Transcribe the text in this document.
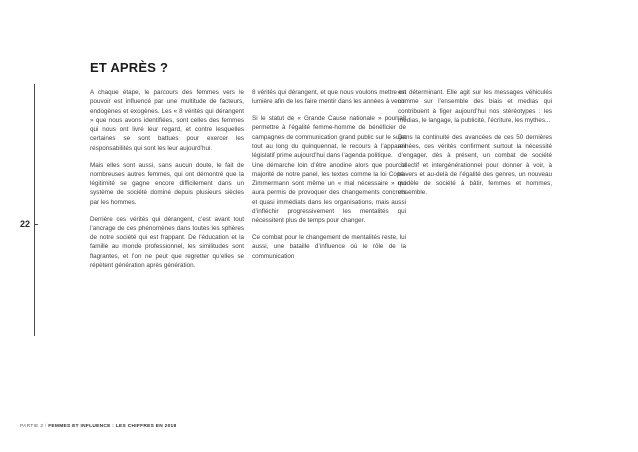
ET APRÈS ?

A chaque étape, le parcours des femmes vers le pouvoir est influencé par une multitude de facteurs, endogènes et exogènes. Les « 8 vérités qui dérangent » que nous avons identifiées, sont celles des femmes qui nous ont livré leur regard, et contre lesquelles certaines se sont battues pour exercer les responsabilités qui sont les leur aujourd’hui.

Mais elles sont aussi, sans aucun doute, le fait de nombreuses autres femmes, qui ont démontré que la légitimité se gagne encore difficilement dans un système de société dominé depuis plusieurs siècles par les hommes.

Derrière ces vérités qui dérangent, c’est avant tout l’ancrage de ces phénomènes dans toutes les sphères de notre société qui est frappant. De l’éducation et la famille au monde professionnel, les similitudes sont flagrantes, et l’on ne peut que regretter qu’elles se répètent génération après génération.

8 vérités qui dérangent, et que nous voulons mettre en lumière afin de les faire mentir dans les années à venir.

Si le statut de « Grande Cause nationale » pourrait permettre à l’égalité femme-homme de bénéficier de campagnes de communication grand public sur le sujet tout au long du quinquennat, le recours à l’appareil législatif prime aujourd’hui dans l’agenda politique.
Une démarche loin d’être anodine alors que pour la majorité de notre panel, les textes comme la loi Copé-Zimmermann sont même un « mal nécessaire » qui aura permis de provoquer des changements concrets et quasi immédiats dans les organisations, mais aussi d’infléchir progressivement les mentalités qui nécessitent plus de temps pour changer.

Ce combat pour le changement de mentalités reste, lui aussi, une bataille d’influence où le rôle de la communication

est déterminant. Elle agit sur les messages véhiculés comme sur l’ensemble des biais et medias qui contribuent à figer aujourd’hui nos stéréotypes : les médias, le langage, la publicité, l’écriture, les mythes...

Dans la continuité des avancées de ces 50 dernières années, ces vérités confirment surtout la nécessité d’engager, dès à présent, un combat de société collectif et intergénérationnel pour donner à voir, à travers et au-delà de l’égalité des genres, un nouveau modèle de société à bâtir, femmes et hommes, ensemble.

22
PARTIE 2 / FEMMES ET INFLUENCE : LES CHIFFRES EN 2018
